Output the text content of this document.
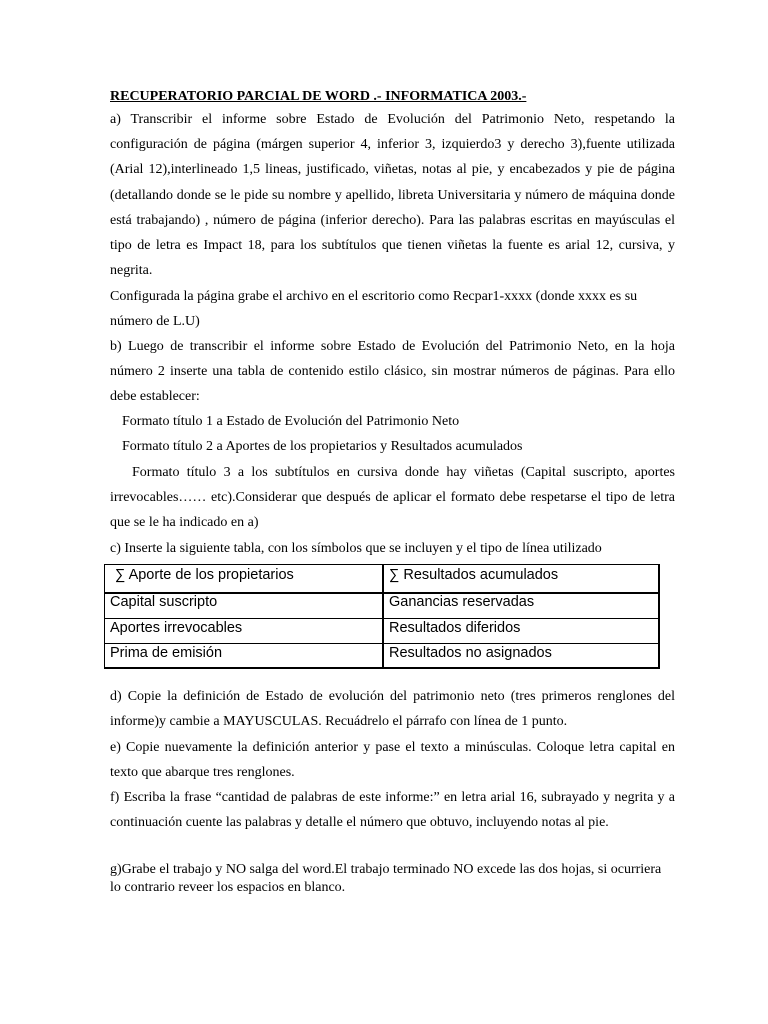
RECUPERATORIO PARCIAL DE WORD .- INFORMATICA 2003.-

a) Transcribir el informe sobre Estado de Evolución del Patrimonio Neto, respetando la configuración de página (márgen superior 4, inferior 3, izquierdo3 y derecho 3),fuente utilizada (Arial 12),interlineado 1,5 lineas, justificado, viñetas, notas al pie, y encabezados y pie de página (detallando donde se le pide su nombre y apellido, libreta Universitaria y número de máquina donde está trabajando) , número de página (inferior derecho). Para las palabras escritas en mayúsculas el tipo de letra es Impact 18, para los subtítulos que tienen viñetas la fuente es arial 12, cursiva, y negrita.

Configurada la página grabe el archivo en el escritorio como Recpar1-xxxx (donde xxxx es su número de L.U)

b) Luego de transcribir el informe sobre Estado de Evolución del Patrimonio Neto, en la hoja número 2 inserte una tabla de contenido estilo clásico, sin mostrar números de páginas. Para ello debe establecer:

Formato título 1 a Estado de Evolución del Patrimonio Neto

Formato título 2 a Aportes de los propietarios y Resultados acumulados

Formato título 3 a los subtítulos en cursiva donde hay viñetas (Capital suscripto, aportes irrevocables…… etc).Considerar que después de aplicar el formato debe respetarse el tipo de letra que se le ha indicado en a)

c) Inserte la siguiente tabla, con los símbolos que se incluyen y el tipo de línea utilizado

∑ Aporte de los propietarios	∑ Resultados acumulados
Capital suscripto	Ganancias reservadas
Aportes irrevocables	Resultados diferidos
Prima de emisión	Resultados no asignados

d) Copie la definición de Estado de evolución del patrimonio neto (tres primeros renglones del informe)y cambie a MAYUSCULAS. Recuádrelo el párrafo con línea de 1 punto.

e) Copie nuevamente la definición anterior y pase el texto a minúsculas. Coloque letra capital en texto que abarque tres renglones.

f) Escriba la frase “cantidad de palabras de este informe:” en letra arial 16, subrayado y negrita y a continuación cuente las palabras y detalle el número que obtuvo, incluyendo notas al pie.

g)Grabe el trabajo y NO salga del word.El trabajo terminado NO excede las dos hojas, si ocurriera lo contrario reveer los espacios en blanco.
